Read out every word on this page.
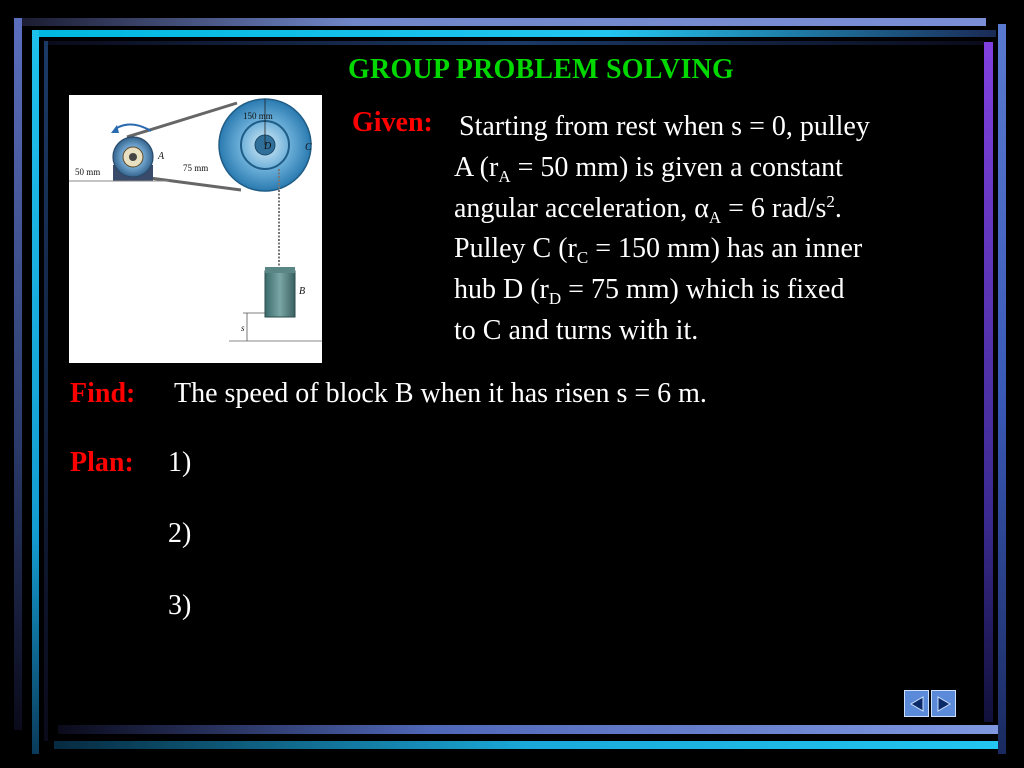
GROUP PROBLEM SOLVING
150 mm
50 mm	75 mm
A
C
D
B
s
Given: Starting from rest when s = 0, pulley
A ($r_A = 50$ mm) is given a constant
angular acceleration, $\alpha_A = 6$ rad/$s^2$.
Pulley C ($r_C = 150$ mm) has an inner
hub D ($r_D = 75$ mm) which is fixed
to C and turns with it.
Find: The speed of block B when it has risen s = 6 m.
Plan: 1)
2)
3)
